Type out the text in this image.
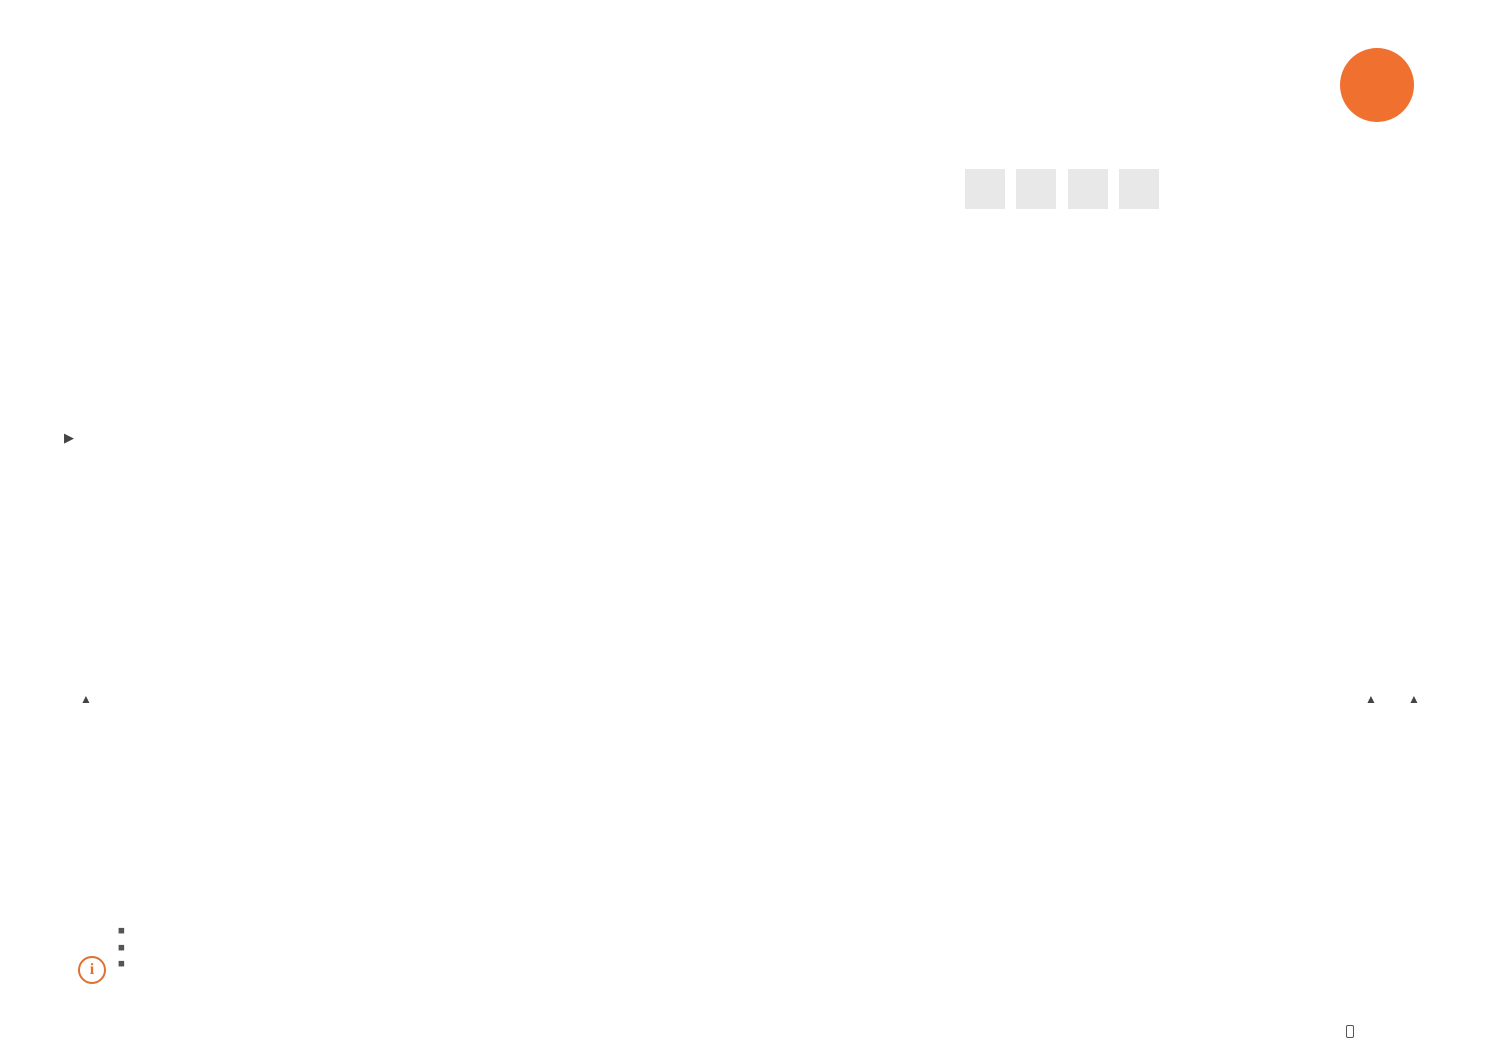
▶
▲	▲	▲
i
■
■
■
